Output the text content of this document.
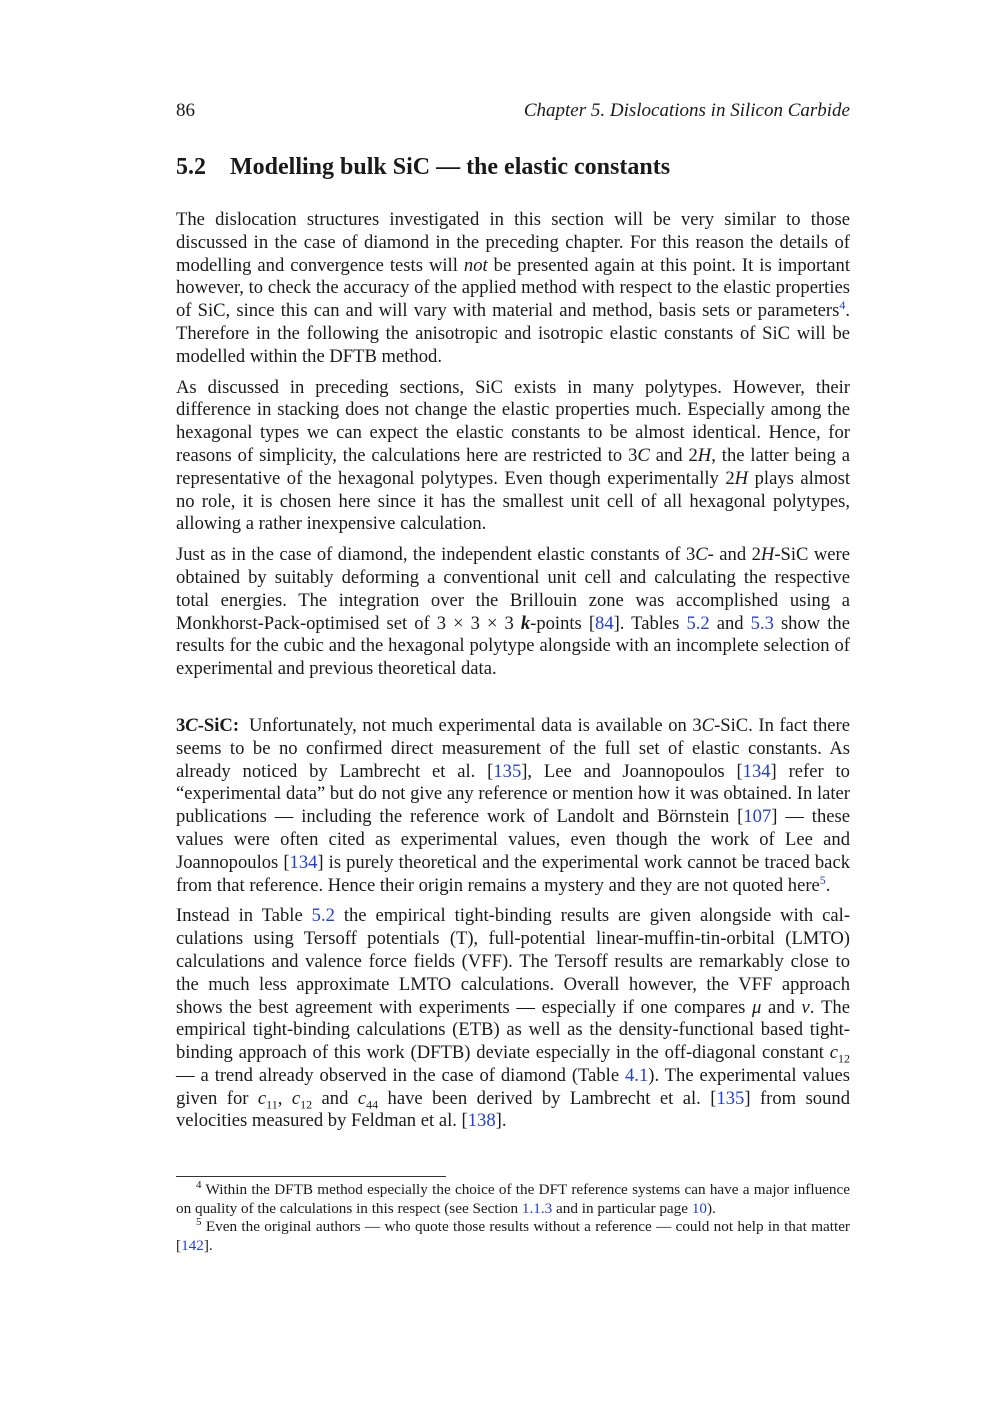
86	Chapter 5. Dislocations in Silicon Carbide
5.2 Modelling bulk SiC — the elastic constants

The dislocation structures investigated in this section will be very similar to those discussed in the case of diamond in the preceding chapter. For this reason the details of modelling and convergence tests will not be presented again at this point. It is important however, to check the accuracy of the applied method with respect to the elastic properties of SiC, since this can and will vary with material and method, basis sets or parameters$^4$. Therefore in the following the anisotropic and isotropic elastic constants of SiC will be modelled within the DFTB method.

As discussed in preceding sections, SiC exists in many polytypes. However, their difference in stacking does not change the elastic properties much. Especially among the hexagonal types we can expect the elastic constants to be almost identical. Hence, for reasons of simplicity, the calculations here are restricted to 3C and 2H, the latter being a representative of the hexagonal polytypes. Even though experimentally 2H plays almost no role, it is chosen here since it has the smallest unit cell of all hexagonal polytypes, allowing a rather inexpensive calculation.

Just as in the case of diamond, the independent elastic constants of 3C- and 2H-SiC were obtained by suitably deforming a conventional unit cell and calculating the respective total energies. The integration over the Brillouin zone was accomplished using a Monkhorst-Pack-optimised set of 3 × 3 × 3 k-points [84]. Tables 5.2 and 5.3 show the results for the cubic and the hexagonal polytype alongside with an incomplete selection of experimental and previous theoretical data.

3C-SiC: Unfortunately, not much experimental data is available on 3C-SiC. In fact there seems to be no confirmed direct measurement of the full set of elastic constants. As already noticed by Lambrecht et al. [135], Lee and Joannopoulos [134] refer to “experimental data” but do not give any reference or mention how it was obtained. In later publications — including the reference work of Landolt and Börnstein [107] — these values were often cited as experimental values, even though the work of Lee and Joannopoulos [134] is purely theoretical and the experimental work cannot be traced back from that reference. Hence their origin remains a mystery and they are not quoted here$^5$.

Instead in Table 5.2 the empirical tight-binding results are given alongside with calculations using Tersoff potentials (T), full-potential linear-muffin-tin-orbital (LMTO) calculations and valence force fields (VFF). The Tersoff results are remarkably close to the much less approximate LMTO calculations. Overall however, the VFF approach shows the best agreement with experiments — especially if one compares μ and ν. The empirical tight-binding calculations (ETB) as well as the density-functional based tight-binding approach of this work (DFTB) deviate especially in the off-diagonal constant $c_{12}$ — a trend already observed in the case of diamond (Table 4.1). The experimental values given for $c_{11}$, $c_{12}$ and $c_{44}$ have been derived by Lambrecht et al. [135] from sound velocities measured by Feldman et al. [138].

$^4$ Within the DFTB method especially the choice of the DFT reference systems can have a major influence on quality of the calculations in this respect (see Section 1.1.3 and in particular page 10).

$^5$ Even the original authors — who quote those results without a reference — could not help in that matter [142].
